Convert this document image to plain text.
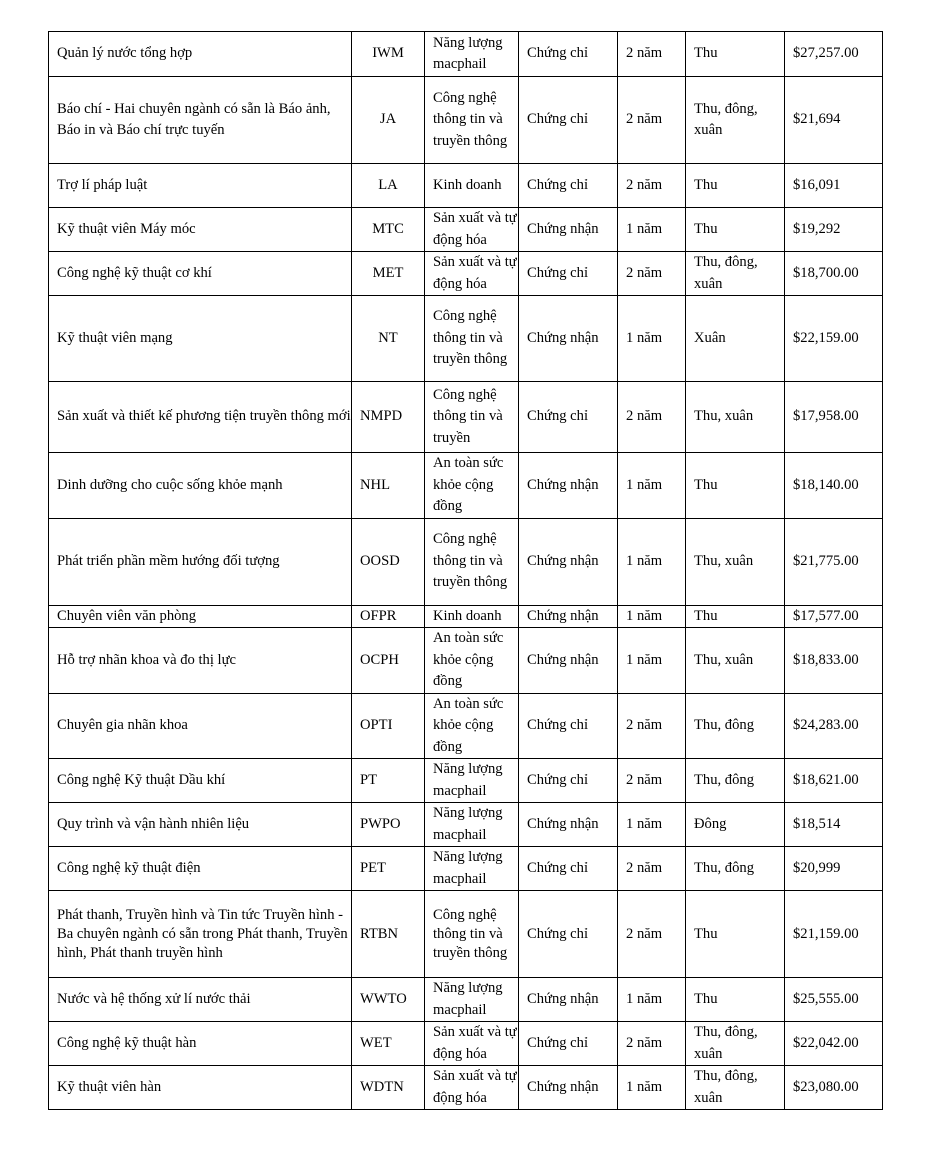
Quản lý nước tổng hợp	IWM	Năng lượng macphail	Chứng chỉ	2 năm	Thu	$27,257.00
Báo chí - Hai chuyên ngành có sẵn là Báo ảnh, Báo in và Báo chí trực tuyến	JA	Công nghệ thông tin và truyền thông	Chứng chỉ	2 năm	Thu, đông, xuân	$21,694
Trợ lí pháp luật	LA	Kinh doanh	Chứng chỉ	2 năm	Thu	$16,091
Kỹ thuật viên Máy móc	MTC	Sản xuất và tự động hóa	Chứng nhận	1 năm	Thu	$19,292
Công nghệ kỹ thuật cơ khí	MET	Sản xuất và tự động hóa	Chứng chỉ	2 năm	Thu, đông, xuân	$18,700.00
Kỹ thuật viên mạng	NT	Công nghệ thông tin và truyền thông	Chứng nhận	1 năm	Xuân	$22,159.00
Sản xuất và thiết kế phương tiện truyền thông mới	NMPD	Công nghệ thông tin và truyền	Chứng chỉ	2 năm	Thu, xuân	$17,958.00
Dinh dưỡng cho cuộc sống khỏe mạnh	NHL	An toàn sức khỏe cộng đồng	Chứng nhận	1 năm	Thu	$18,140.00
Phát triển phần mềm hướng đối tượng	OOSD	Công nghệ thông tin và truyền thông	Chứng nhận	1 năm	Thu, xuân	$21,775.00
Chuyên viên văn phòng	OFPR	Kinh doanh	Chứng nhận	1 năm	Thu	$17,577.00
Hỗ trợ nhãn khoa và đo thị lực	OCPH	An toàn sức khỏe cộng đồng	Chứng nhận	1 năm	Thu, xuân	$18,833.00
Chuyên gia nhãn khoa	OPTI	An toàn sức khỏe cộng đồng	Chứng chỉ	2 năm	Thu, đông	$24,283.00
Công nghệ Kỹ thuật Dầu khí	PT	Năng lượng macphail	Chứng chỉ	2 năm	Thu, đông	$18,621.00
Quy trình và vận hành nhiên liệu	PWPO	Năng lượng macphail	Chứng nhận	1 năm	Đông	$18,514
Công nghệ kỹ thuật điện	PET	Năng lượng macphail	Chứng chỉ	2 năm	Thu, đông	$20,999
Phát thanh, Truyền hình và Tin tức Truyền hình - Ba chuyên ngành có sẵn trong Phát thanh, Truyền hình, Phát thanh truyền hình	RTBN	Công nghệ thông tin và truyền thông	Chứng chỉ	2 năm	Thu	$21,159.00
Nước và hệ thống xử lí nước thải	WWTO	Năng lượng macphail	Chứng nhận	1 năm	Thu	$25,555.00
Công nghệ kỹ thuật hàn	WET	Sản xuất và tự động hóa	Chứng chỉ	2 năm	Thu, đông, xuân	$22,042.00
Kỹ thuật viên hàn	WDTN	Sản xuất và tự động hóa	Chứng nhận	1 năm	Thu, đông, xuân	$23,080.00
